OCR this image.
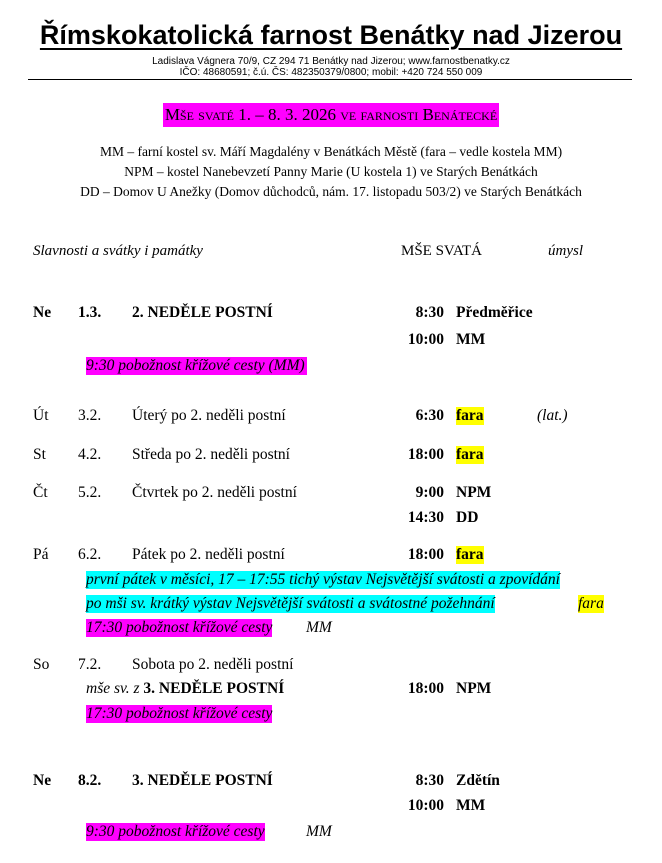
Římskokatolická farnost Benátky nad Jizerou
Ladislava Vágnera 70/9, CZ 294 71 Benátky nad Jizerou; www.farnostbenatky.cz
IČO: 48680591; č.ú. ČS: 482350379/0800; mobil: +420 724 550 009
Mše svaté 1. – 8. 3. 2026 ve farnosti Benátecké
MM – farní kostel sv. Máří Magdalény v Benátkách Městě (fara – vedle kostela MM)
NPM – kostel Nanebevzetí Panny Marie (U kostela 1) ve Starých Benátkách
DD – Domov U Anežky (Domov důchodců, nám. 17. listopadu 503/2) ve Starých Benátkách
Slavnosti a svátky i památky	MŠE SVATÁ	úmysl
Ne 1.3. 2. NEDĚLE POSTNÍ	8:30 Předměřice
10:00 MM
9:30 pobožnost křížové cesty (MM)
Út 3.2. Úterý po 2. neděli postní	6:30 fara	(lat.)
St 4.2. Středa po 2. neděli postní	18:00 fara
Čt 5.2. Čtvrtek po 2. neděli postní	9:00 NPM
14:30 DD
Pá 6.2. Pátek po 2. neděli postní	18:00 fara
první pátek v měsíci, 17 – 17:55 tichý výstav Nejsvětější svátosti a zpovídání
po mši sv. krátký výstav Nejsvětější svátosti a svátostné požehnání	fara
17:30 pobožnost křížové cesty MM
So 7.2. Sobota po 2. neděli postní
mše sv. z 3. NEDĚLE POSTNÍ	18:00 NPM
17:30 pobožnost křížové cesty
Ne 8.2. 3. NEDĚLE POSTNÍ	8:30 Zdětín
10:00 MM
9:30 pobožnost křížové cesty	MM
